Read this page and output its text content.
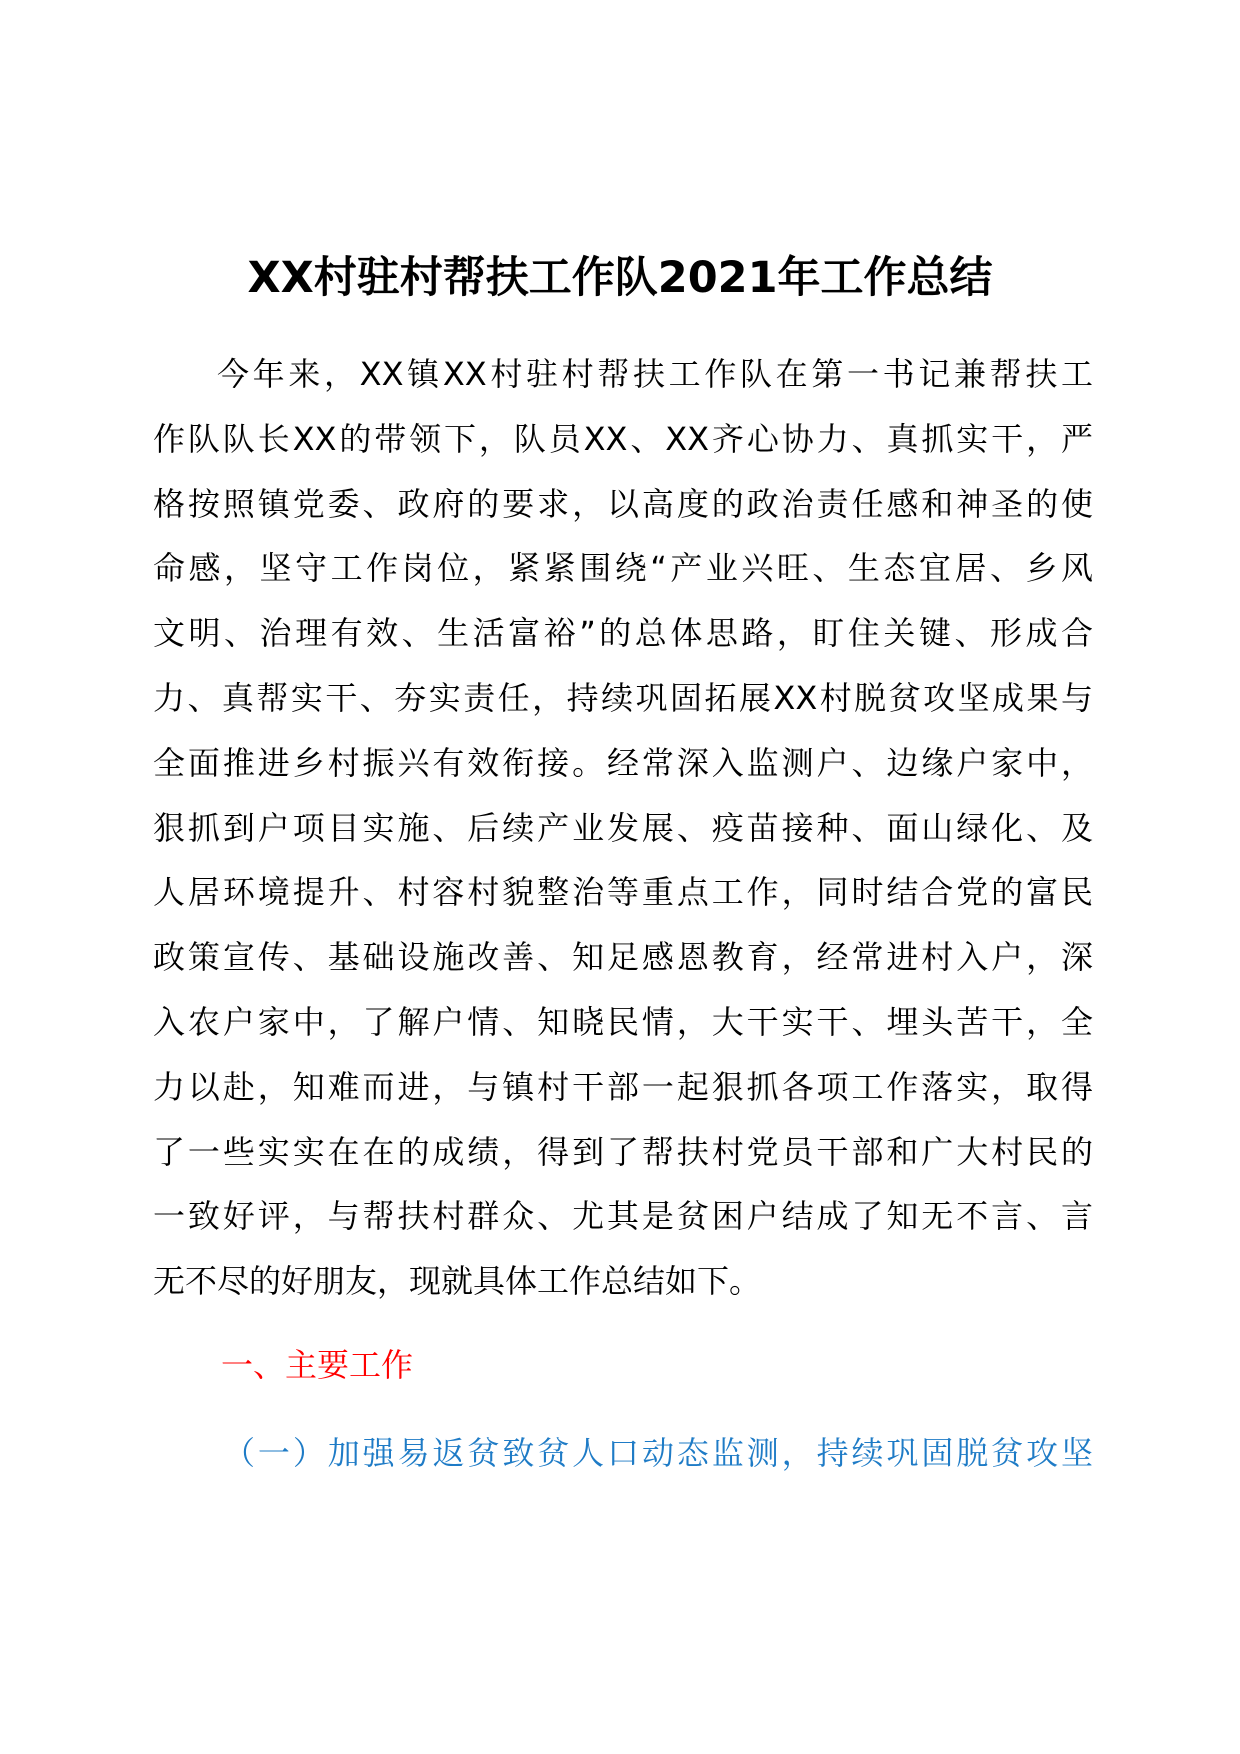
XX村驻村帮扶工作队2021年工作总结
今年来，XX镇XX村驻村帮扶工作队在第一书记兼帮扶工
作队队长XX的带领下，队员XX、XX齐心协力、真抓实干，严
格按照镇党委、政府的要求，以高度的政治责任感和神圣的使
命感，坚守工作岗位，紧紧围绕“产业兴旺、生态宜居、乡风
文明、治理有效、生活富裕”的总体思路，盯住关键、形成合
力、真帮实干、夯实责任，持续巩固拓展XX村脱贫攻坚成果与
全面推进乡村振兴有效衔接。经常深入监测户、边缘户家中，
狠抓到户项目实施、后续产业发展、疫苗接种、面山绿化、及
人居环境提升、村容村貌整治等重点工作，同时结合党的富民
政策宣传、基础设施改善、知足感恩教育，经常进村入户，深
入农户家中，了解户情、知晓民情，大干实干、埋头苦干，全
力以赴，知难而进，与镇村干部一起狠抓各项工作落实，取得
了一些实实在在的成绩，得到了帮扶村党员干部和广大村民的
一致好评，与帮扶村群众、尤其是贫困户结成了知无不言、言
无不尽的好朋友，现就具体工作总结如下。
一、主要工作
（一）加强易返贫致贫人口动态监测，持续巩固脱贫攻坚
